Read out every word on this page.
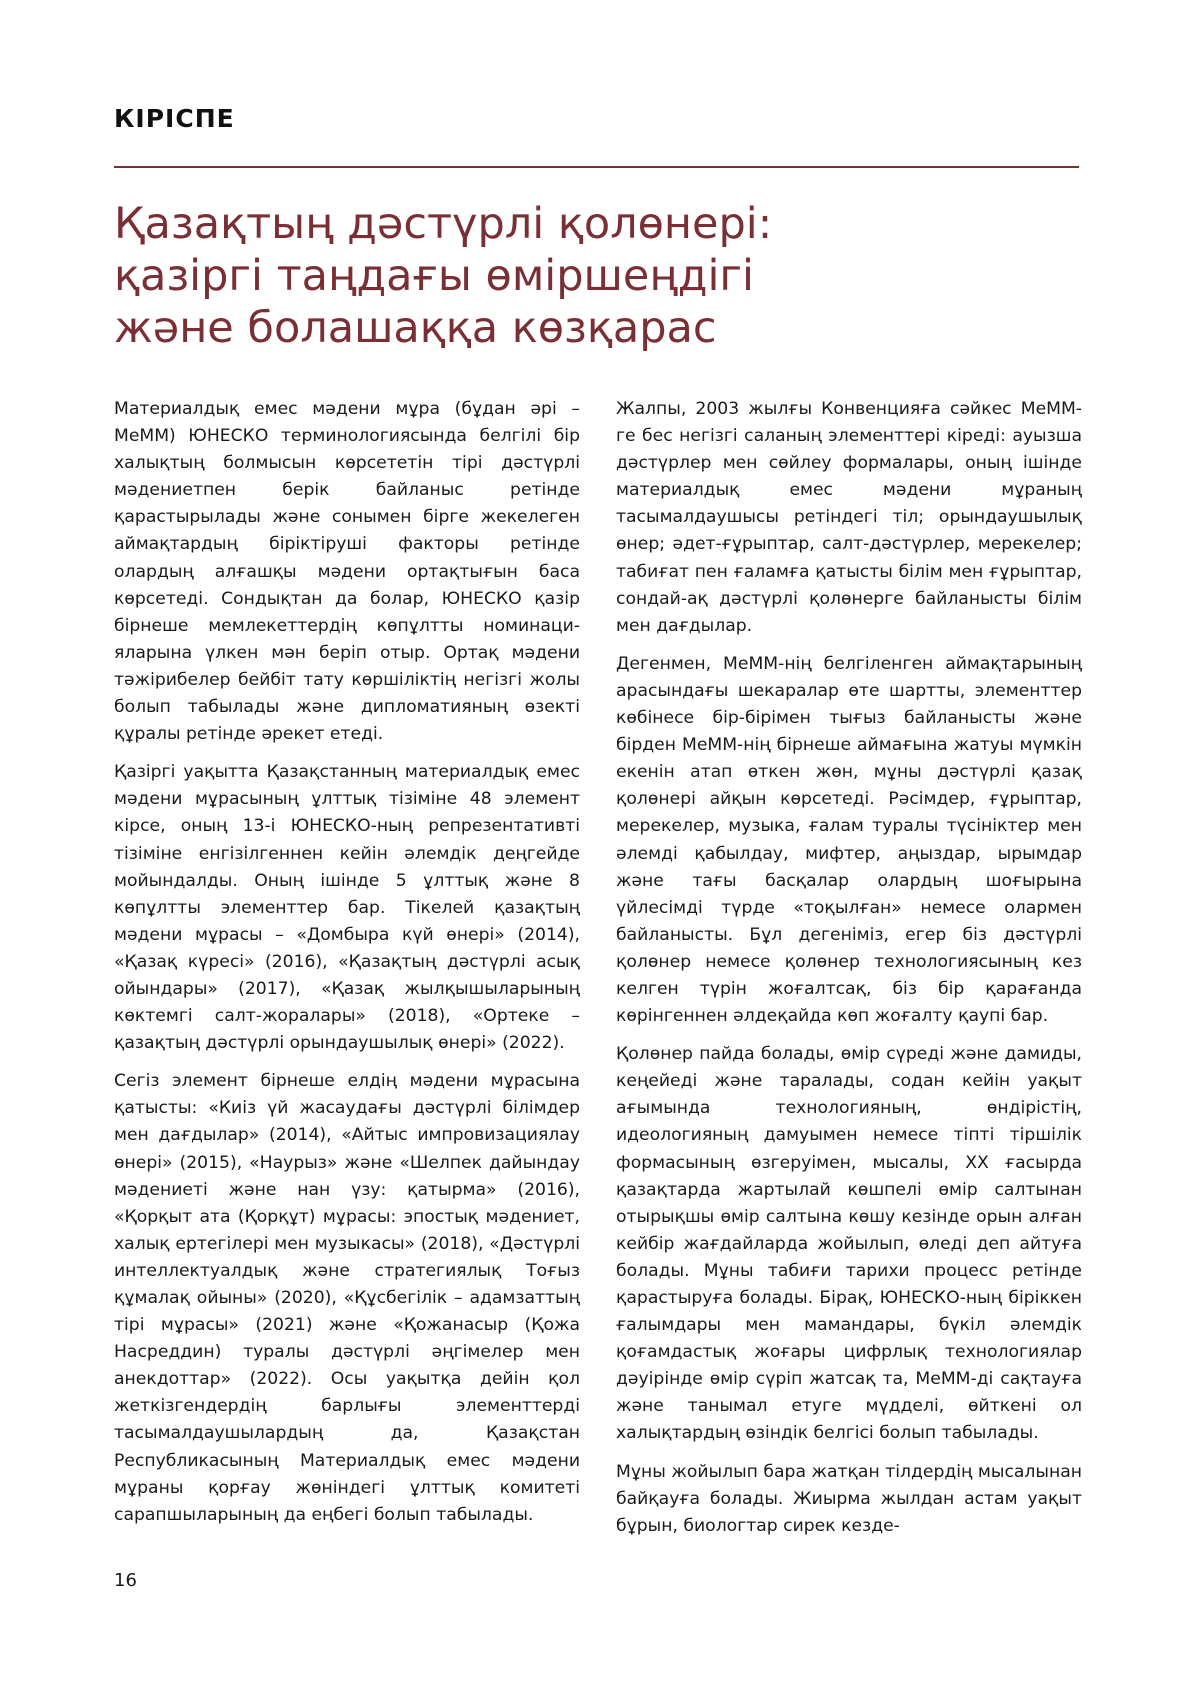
КІРІСПЕ
Қазақтың дәстүрлі қолөнері:
қазіргі таңдағы өміршеңдігі
және болашаққа көзқарас

Материалдық емес мәдени мұра (бұдан әрі – МеММ) ЮНЕСКО терминологиясында белгілі бір халықтың болмысын көрсететін тірі дәстүрлі мәдениетпен берік байланыс ретінде қарастырылады және сонымен бірге жекелеген аймақтардың біріктіруші факторы ретінде олардың алғашқы мәдени ортақтығын баса көрсетеді. Сондықтан да болар, ЮНЕСКО қазір бірнеше мемлекеттердің көпұлтты номинацияларына үлкен мән беріп отыр. Ортақ мәдени тәжірибелер бейбіт тату көршіліктің негізгі жолы болып табылады және дипломатияның өзекті құралы ретінде әрекет етеді.

Қазіргі уақытта Қазақстанның материалдық емес мәдени мұрасының ұлттық тізіміне 48 элемент кірсе, оның 13-і ЮНЕСКО-ның репрезентативті тізіміне енгізілгеннен кейін әлемдік деңгейде мойындалды. Оның ішінде 5 ұлттық және 8 көпұлтты элементтер бар. Тікелей қазақтың мәдени мұрасы – «Домбыра күй өнері» (2014), «Қазақ күресі» (2016), «Қазақтың дәстүрлі асық ойындары» (2017), «Қазақ жылқышыларының көктемгі салт-жоралары» (2018), «Ортеке – қазақтың дәстүрлі орындаушылық өнері» (2022).

Сегіз элемент бірнеше елдің мәдени мұрасына қатысты: «Киіз үй жасаудағы дәстүрлі білімдер мен дағдылар» (2014), «Айтыс импровизациялау өнері» (2015), «Наурыз» және «Шелпек дайындау мәдениеті және нан үзу: қатырма» (2016), «Қорқыт ата (Қорқұт) мұрасы: эпостық мәдениет, халық ертегілері мен музыкасы» (2018), «Дәстүрлі интеллектуалдық және стратегиялық Тоғыз құмалақ ойыны» (2020), «Құсбегілік – адамзаттың тірі мұрасы» (2021) және «Қожанасыр (Қожа Насреддин) туралы дәстүрлі әңгімелер мен анекдоттар» (2022). Осы уақытқа дейін қол жеткізгендердің барлығы элементтерді тасымалдаушылардың да, Қазақстан Республикасының Материалдық емес мәдени мұраны қорғау жөніндегі ұлттық комитеті сарапшыларының да еңбегі болып табылады.

Жалпы, 2003 жылғы Конвенцияға сәйкес МеММ-ге бес негізгі саланың элементтері кіреді: ауызша дәстүрлер мен сөйлеу формалары, оның ішінде материалдық емес мәдени мұраның тасымалдаушысы ретіндегі тіл; орындаушылық өнер; әдет-ғұрыптар, салт-дәстүрлер, мерекелер; табиғат пен ғаламға қатысты білім мен ғұрыптар, сондай-ақ дәстүрлі қолөнерге байланысты білім мен дағдылар.

Дегенмен, МеММ-нің белгіленген аймақтарының арасындағы шекаралар өте шартты, элементтер көбінесе бір-бірімен тығыз байланысты және бірден МеММ-нің бірнеше аймағына жатуы мүмкін екенін атап өткен жөн, мұны дәстүрлі қазақ қолөнері айқын көрсетеді. Рәсімдер, ғұрыптар, мерекелер, музыка, ғалам туралы түсініктер мен әлемді қабылдау, мифтер, аңыздар, ырымдар және тағы басқалар олардың шоғырына үйлесімді түрде «тоқылған» немесе олармен байланысты. Бұл дегеніміз, егер біз дәстүрлі қолөнер немесе қолөнер технологиясының кез келген түрін жоғалтсақ, біз бір қарағанда көрінгеннен әлдеқайда көп жоғалту қаупі бар.

Қолөнер пайда болады, өмір сүреді және дамиды, кеңейеді және таралады, содан кейін уақыт ағымында технологияның, өндірістің, идеологияның дамуымен немесе тіпті тіршілік формасының өзгеруімен, мысалы, ХХ ғасырда қазақтарда жартылай көшпелі өмір салтынан отырықшы өмір салтына көшу кезінде орын алған кейбір жағдайларда жойылып, өледі деп айтуға болады. Мұны табиғи тарихи процесс ретінде қарастыруға болады. Бірақ, ЮНЕСКО-ның біріккен ғалымдары мен мамандары, бүкіл әлемдік қоғамдастық жоғары цифрлық технологиялар дәуірінде өмір сүріп жатсақ та, МеММ-ді сақтауға және танымал етуге мүдделі, өйткені ол халықтардың өзіндік белгісі болып табылады.

Мұны жойылып бара жатқан тілдердің мысалынан байқауға болады. Жиырма жылдан астам уақыт бұрын, биологтар сирек кезде-

16
